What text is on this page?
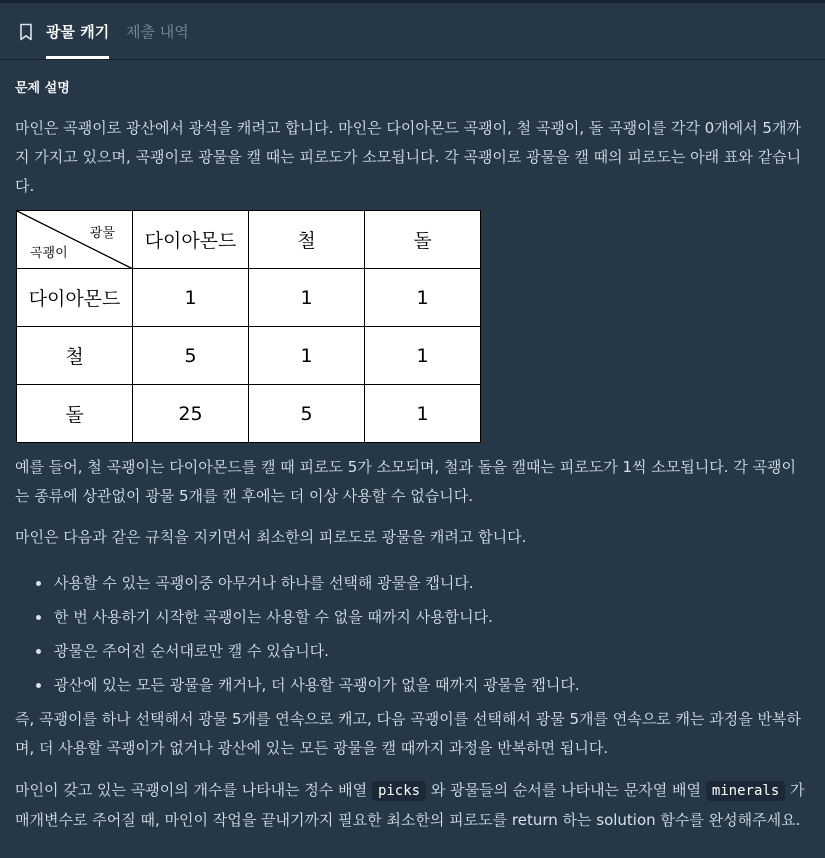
광물 캐기 제출 내역
문제 설명

마인은 곡괭이로 광산에서 광석을 캐려고 합니다. 마인은 다이아몬드 곡괭이, 철 곡괭이, 돌 곡괭이를 각각 0개에서 5개까지 가지고 있으며, 곡괭이로 광물을 캘 때는 피로도가 소모됩니다. 각 곡괭이로 광물을 캘 때의 피로도는 아래 표와 같습니다.

광물
곡괭이	다이아몬드	철	돌
다이아몬드	1	1	1
철	5	1	1
돌	25	5	1

예를 들어, 철 곡괭이는 다이아몬드를 캘 때 피로도 5가 소모되며, 철과 돌을 캘때는 피로도가 1씩 소모됩니다. 각 곡괭이는 종류에 상관없이 광물 5개를 캔 후에는 더 이상 사용할 수 없습니다.

마인은 다음과 같은 규칙을 지키면서 최소한의 피로도로 광물을 캐려고 합니다.

사용할 수 있는 곡괭이중 아무거나 하나를 선택해 광물을 캡니다.
한 번 사용하기 시작한 곡괭이는 사용할 수 없을 때까지 사용합니다.
광물은 주어진 순서대로만 캘 수 있습니다.
광산에 있는 모든 광물을 캐거나, 더 사용할 곡괭이가 없을 때까지 광물을 캡니다.

즉, 곡괭이를 하나 선택해서 광물 5개를 연속으로 캐고, 다음 곡괭이를 선택해서 광물 5개를 연속으로 캐는 과정을 반복하며, 더 사용할 곡괭이가 없거나 광산에 있는 모든 광물을 캘 때까지 과정을 반복하면 됩니다.

마인이 갖고 있는 곡괭이의 개수를 나타내는 정수 배열 picks 와 광물들의 순서를 나타내는 문자열 배열 minerals 가 매개변수로 주어질 때, 마인이 작업을 끝내기까지 필요한 최소한의 피로도를 return 하는 solution 함수를 완성해주세요.
